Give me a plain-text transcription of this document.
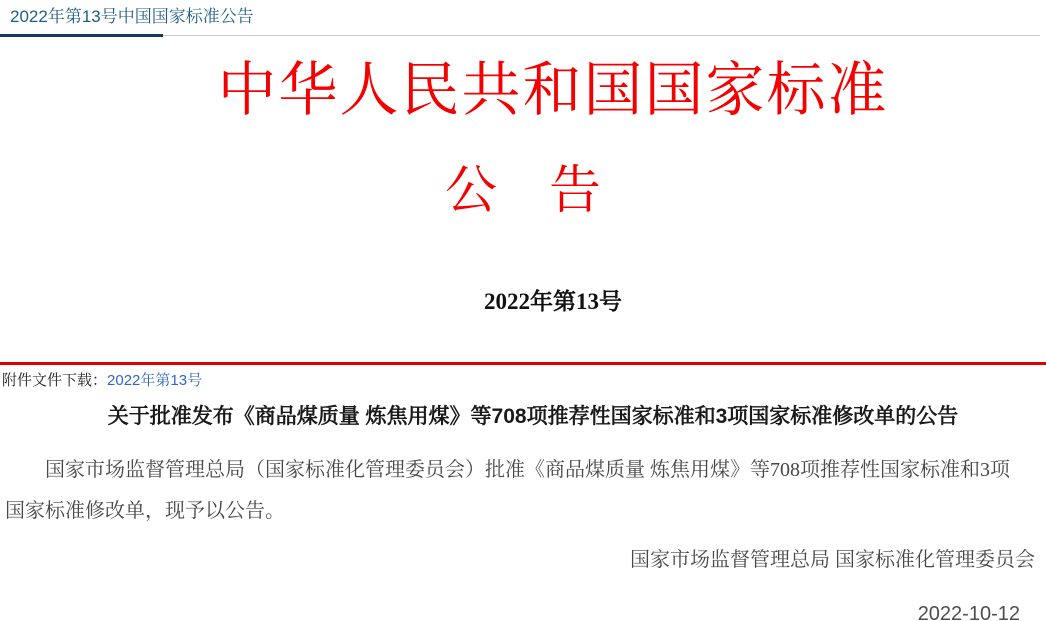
2022年第13号中国国家标准公告
中华人民共和国国家标准
公　告
2022年第13号
附件文件下载：2022年第13号
关于批准发布《商品煤质量 炼焦用煤》等708项推荐性国家标准和3项国家标准修改单的公告

国家市场监督管理总局（国家标准化管理委员会）批准《商品煤质量 炼焦用煤》等708项推荐性国家标准和3项国家标准修改单，现予以公告。

国家市场监督管理总局 国家标准化管理委员会
2022-10-12
